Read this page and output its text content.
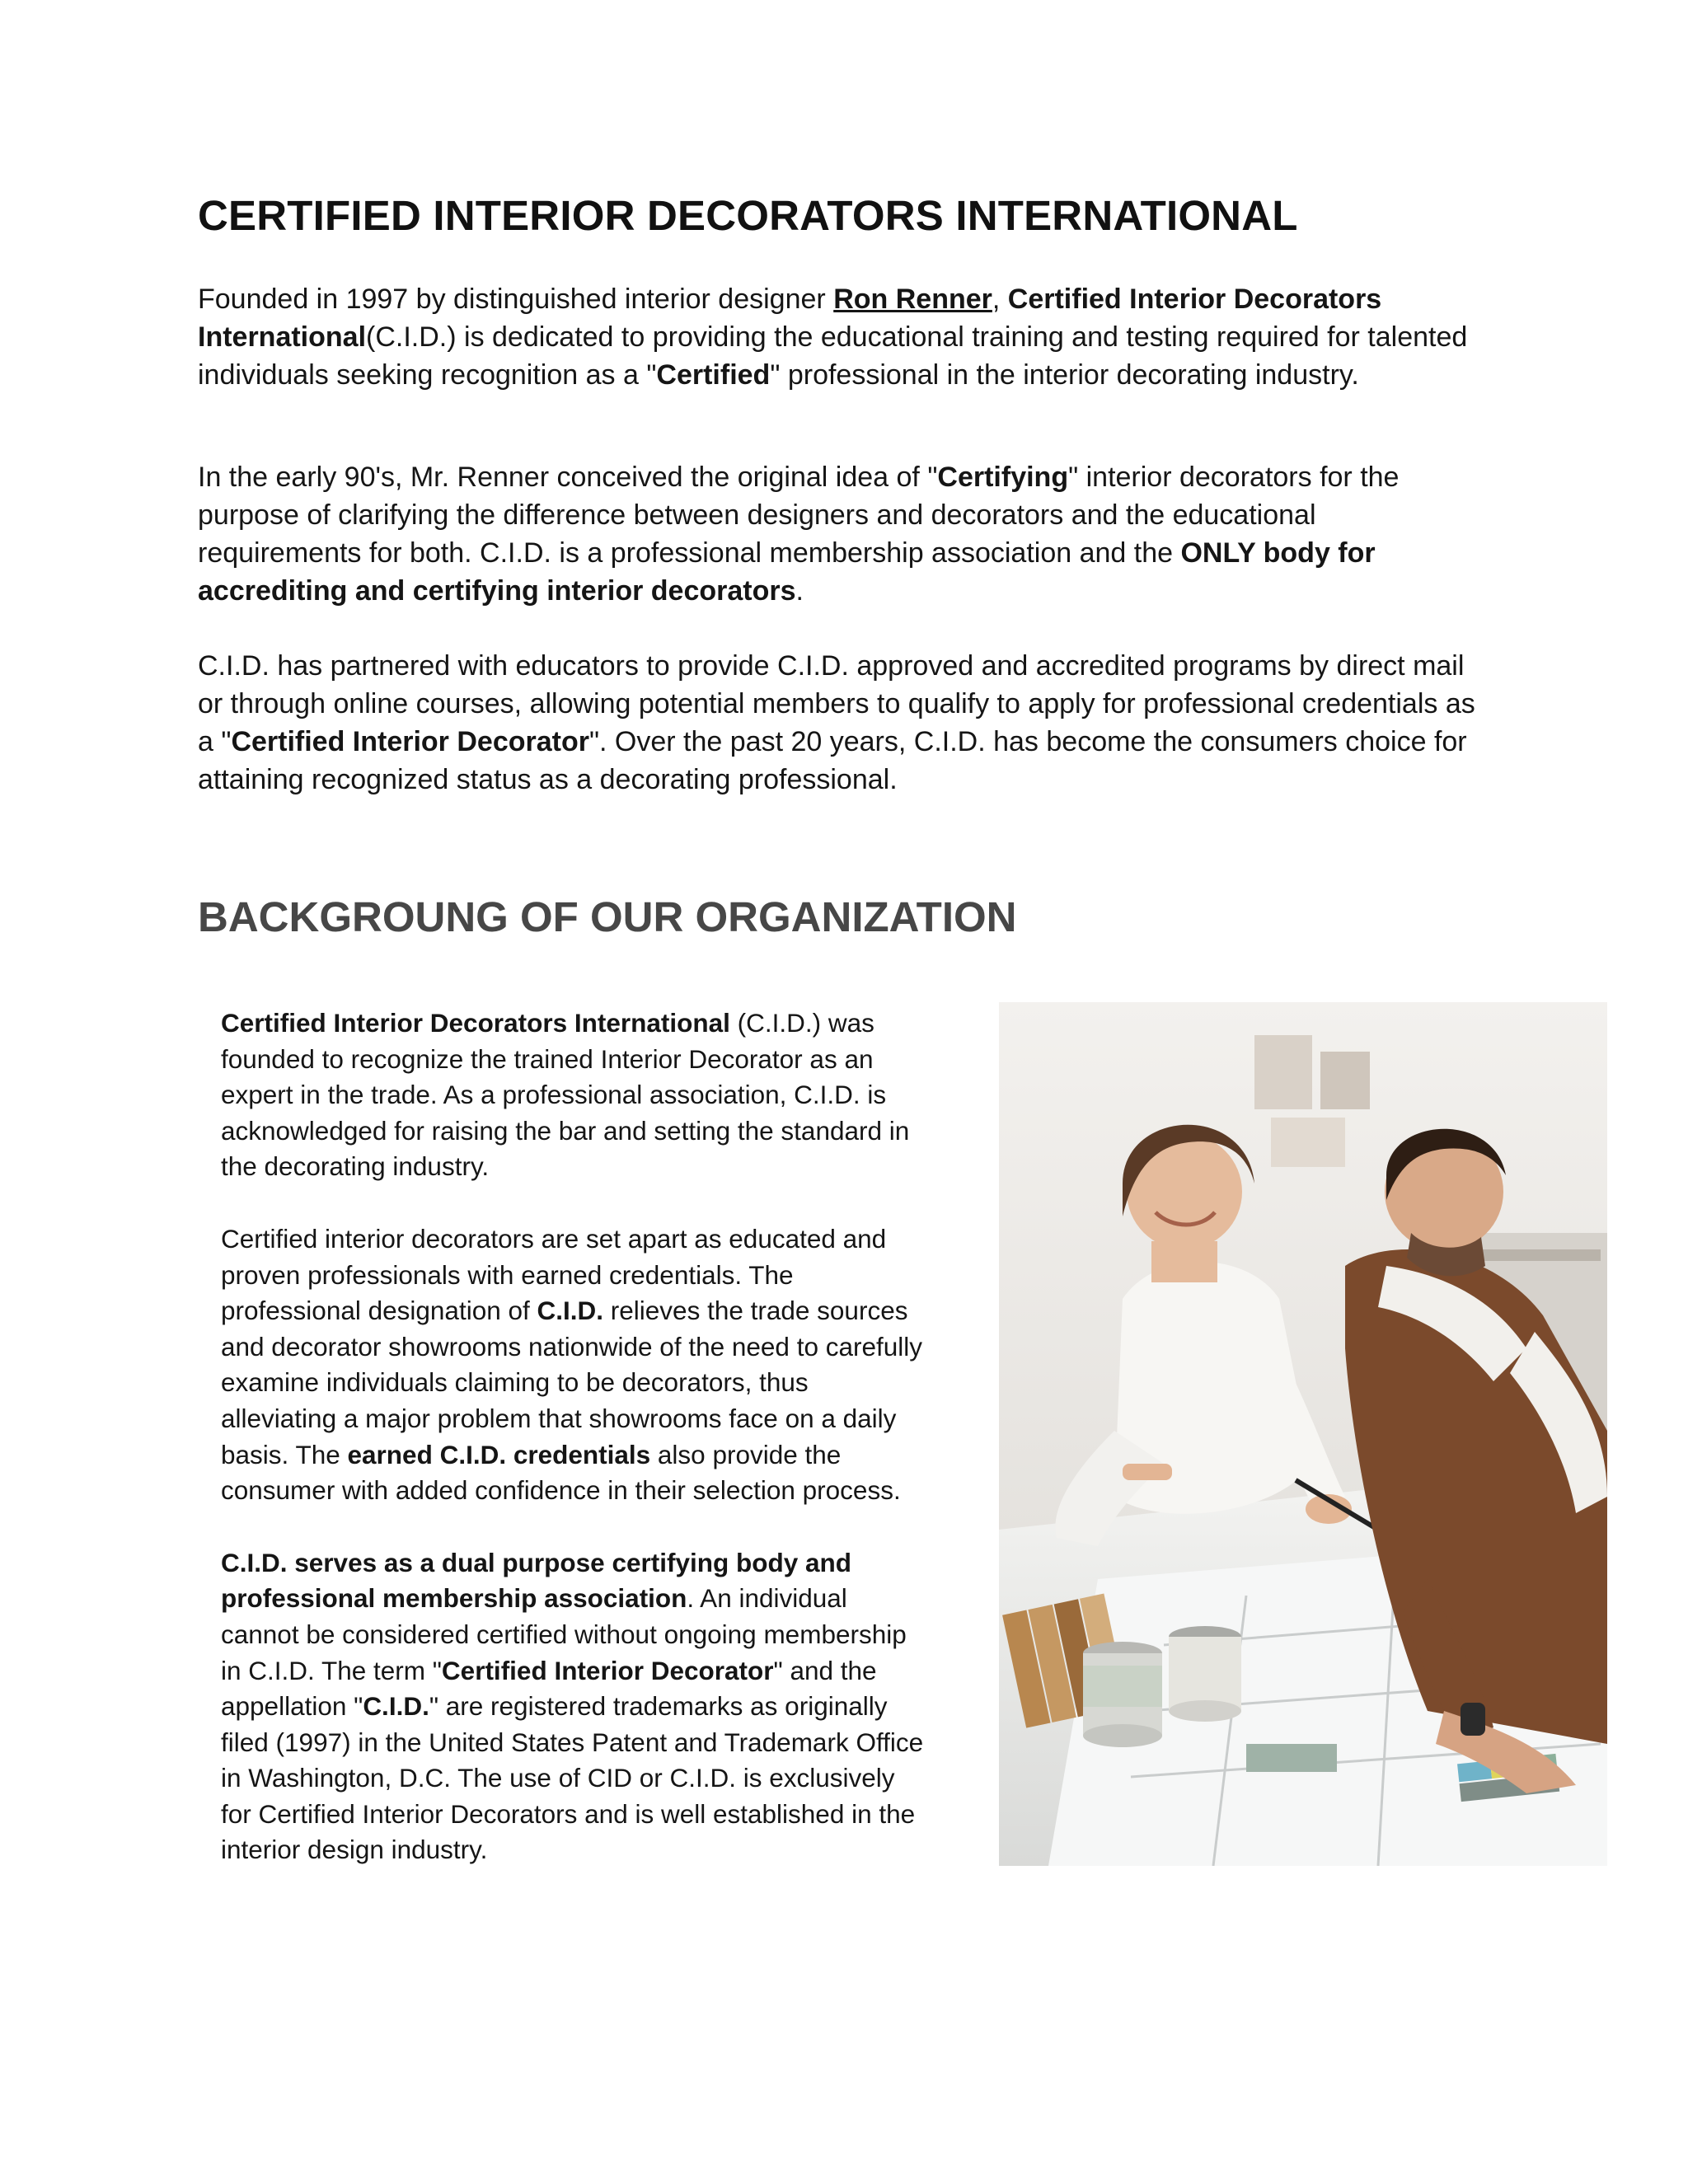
CERTIFIED INTERIOR DECORATORS INTERNATIONAL

Founded in 1997 by distinguished interior designer Ron Renner, Certified Interior Decorators International(C.I.D.) is dedicated to providing the educational training and testing required for talented individuals seeking recognition as a "Certified" professional in the interior decorating industry.

In the early 90's, Mr. Renner conceived the original idea of "Certifying" interior decorators for the purpose of clarifying the difference between designers and decorators and the educational requirements for both. C.I.D. is a professional membership association and the ONLY body for accrediting and certifying interior decorators.

C.I.D. has partnered with educators to provide C.I.D. approved and accredited programs by direct mail or through online courses, allowing potential members to qualify to apply for professional credentials as a "Certified Interior Decorator". Over the past 20 years, C.I.D. has become the consumers choice for attaining recognized status as a decorating professional.

BACKGROUNG OF OUR ORGANIZATION

Certified Interior Decorators International (C.I.D.) was founded to recognize the trained Interior Decorator as an expert in the trade. As a professional association, C.I.D. is acknowledged for raising the bar and setting the standard in the decorating industry.

Certified interior decorators are set apart as educated and proven professionals with earned credentials. The professional designation of C.I.D. relieves the trade sources and decorator showrooms nationwide of the need to carefully examine individuals claiming to be decorators, thus alleviating a major problem that showrooms face on a daily basis. The earned C.I.D. credentials also provide the consumer with added confidence in their selection process.

C.I.D. serves as a dual purpose certifying body and professional membership association. An individual cannot be considered certified without ongoing membership in C.I.D. The term "Certified Interior Decorator" and the appellation "C.I.D." are registered trademarks as originally filed (1997) in the United States Patent and Trademark Office in Washington, D.C. The use of CID or C.I.D. is exclusively for Certified Interior Decorators and is well established in the interior design industry.
